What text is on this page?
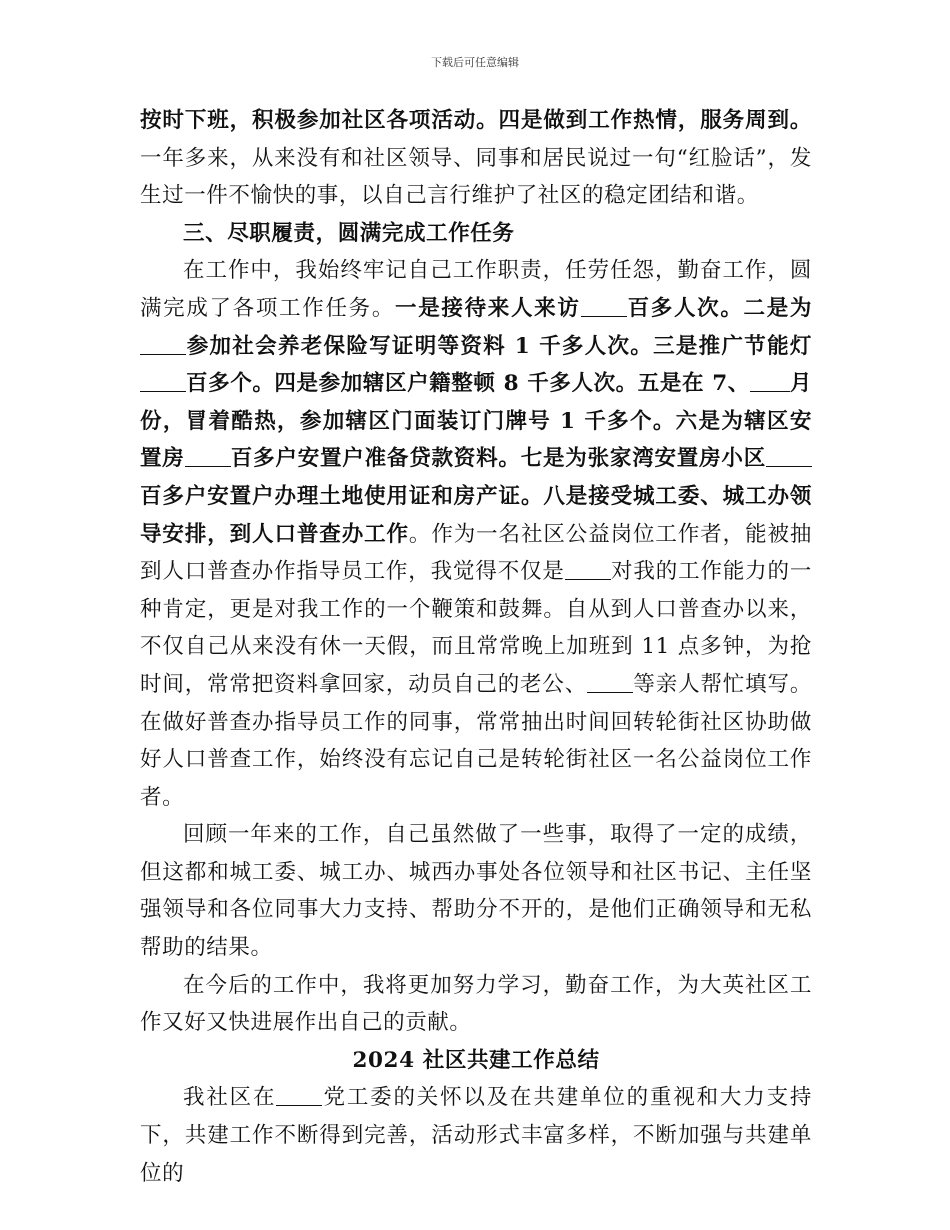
下载后可任意编辑

按时下班，积极参加社区各项活动。四是做到工作热情，服务周到。一年多来，从来没有和社区领导、同事和居民说过一句“红脸话”，发生过一件不愉快的事，以自己言行维护了社区的稳定团结和谐。

三、尽职履责，圆满完成工作任务

在工作中，我始终牢记自己工作职责，任劳任怨，勤奋工作，圆满完成了各项工作任务。一是接待来人来访 百多人次。二是为参加社会养老保险写证明等资料 1 千多人次。三是推广节能灯百多个。四是参加辖区户籍整顿 8 千多人次。五是在 7、 月份，冒着酷热，参加辖区门面装订门牌号 1 千多个。六是为辖区安置房 百多户安置户准备贷款资料。七是为张家湾安置房小区百多户安置户办理土地使用证和房产证。八是接受城工委、城工办领导安排，到人口普查办工作。作为一名社区公益岗位工作者，能被抽到人口普查办作指导员工作，我觉得不仅是 对我的工作能力的一种肯定，更是对我工作的一个鞭策和鼓舞。自从到人口普查办以来，不仅自己从来没有休一天假，而且常常晚上加班到 11 点多钟，为抢时间，常常把资料拿回家，动员自己的老公、 等亲人帮忙填写。在做好普查办指导员工作的同事，常常抽出时间回转轮街社区协助做好人口普查工作，始终没有忘记自己是转轮街社区一名公益岗位工作者。

回顾一年来的工作，自己虽然做了一些事，取得了一定的成绩，但这都和城工委、城工办、城西办事处各位领导和社区书记、主任坚强领导和各位同事大力支持、帮助分不开的，是他们正确领导和无私帮助的结果。

在今后的工作中，我将更加努力学习，勤奋工作，为大英社区工作又好又快进展作出自己的贡献。

2024 社区共建工作总结

我社区在 党工委的关怀以及在共建单位的重视和大力支持下，共建工作不断得到完善，活动形式丰富多样，不断加强与共建单位的
